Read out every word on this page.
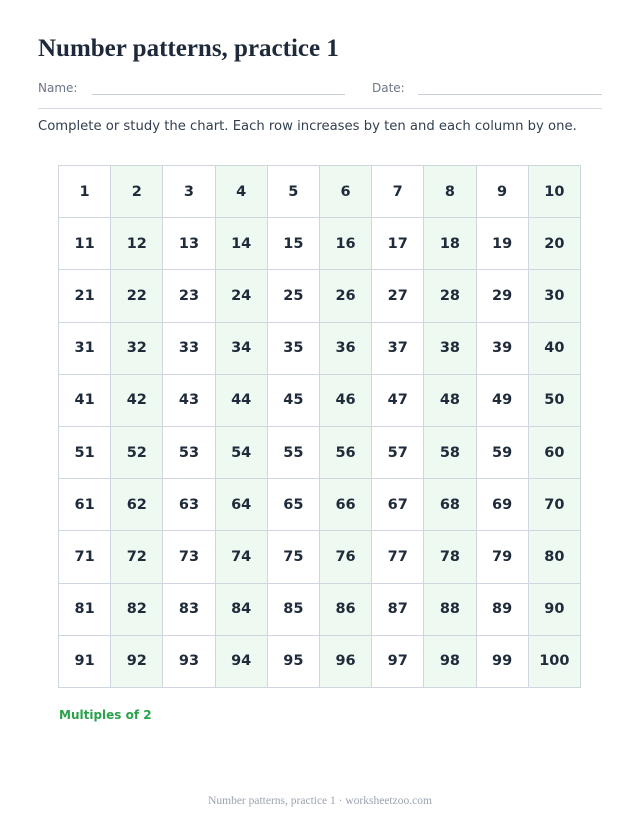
Number patterns, practice 1
Name:	Date:
Complete or study the chart. Each row increases by ten and each column by one.
1	2	3	4	5	6	7	8	9	10
11	12	13	14	15	16	17	18	19	20
21	22	23	24	25	26	27	28	29	30
31	32	33	34	35	36	37	38	39	40
41	42	43	44	45	46	47	48	49	50
51	52	53	54	55	56	57	58	59	60
61	62	63	64	65	66	67	68	69	70
71	72	73	74	75	76	77	78	79	80
81	82	83	84	85	86	87	88	89	90
91	92	93	94	95	96	97	98	99	100
Multiples of 2
Number patterns, practice 1 · worksheetzoo.com
